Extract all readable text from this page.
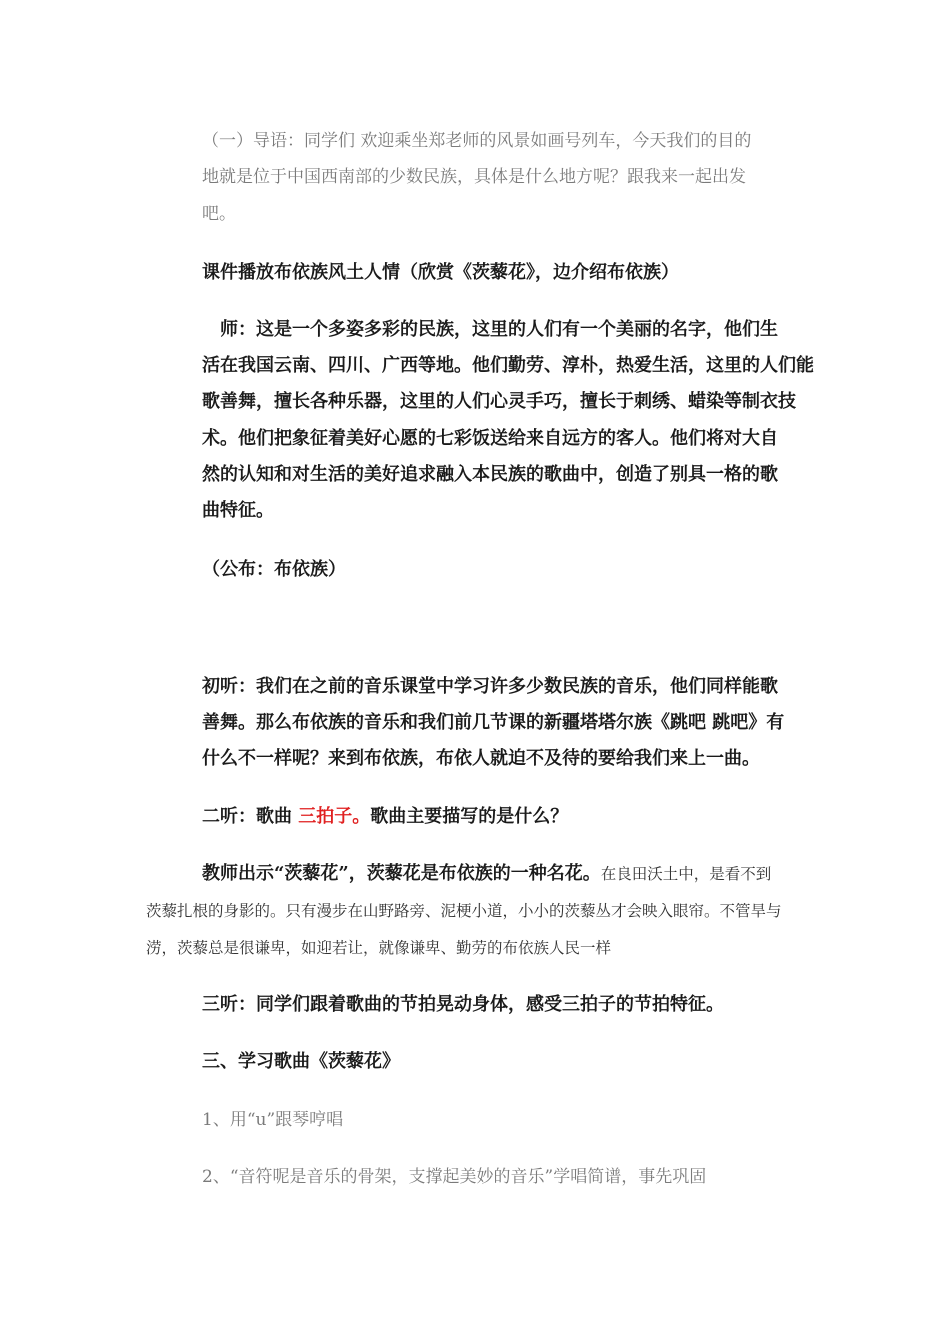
（一）导语：同学们 欢迎乘坐郑老师的风景如画号列车，今天我们的目的

地就是位于中国西南部的少数民族，具体是什么地方呢？跟我来一起出发

吧。

课件播放布依族风土人情（欣赏《茨藜花》，边介绍布依族）

师：这是一个多姿多彩的民族，这里的人们有一个美丽的名字，他们生

活在我国云南、四川、广西等地。他们勤劳、淳朴，热爱生活，这里的人们能

歌善舞，擅长各种乐器，这里的人们心灵手巧，擅长于刺绣、蜡染等制衣技

术。他们把象征着美好心愿的七彩饭送给来自远方的客人。他们将对大自

然的认知和对生活的美好追求融入本民族的歌曲中，创造了别具一格的歌

曲特征。

（公布：布依族）

初听：我们在之前的音乐课堂中学习许多少数民族的音乐，他们同样能歌

善舞。那么布依族的音乐和我们前几节课的新疆塔塔尔族《跳吧 跳吧》有

什么不一样呢？来到布依族，布依人就迫不及待的要给我们来上一曲。

二听：歌曲 三拍子。歌曲主要描写的是什么？

教师出示“茨藜花”，茨藜花是布依族的一种名花。在良田沃土中，是看不到

茨藜扎根的身影的。只有漫步在山野路旁、泥梗小道，小小的茨藜丛才会映入眼帘。不管旱与

涝，茨藜总是很谦卑，如迎若让，就像谦卑、勤劳的布依族人民一样

三听：同学们跟着歌曲的节拍晃动身体，感受三拍子的节拍特征。

三、学习歌曲《茨藜花》

1、用“u”跟琴哼唱

2、“音符呢是音乐的骨架，支撑起美妙的音乐”学唱简谱，事先巩固
